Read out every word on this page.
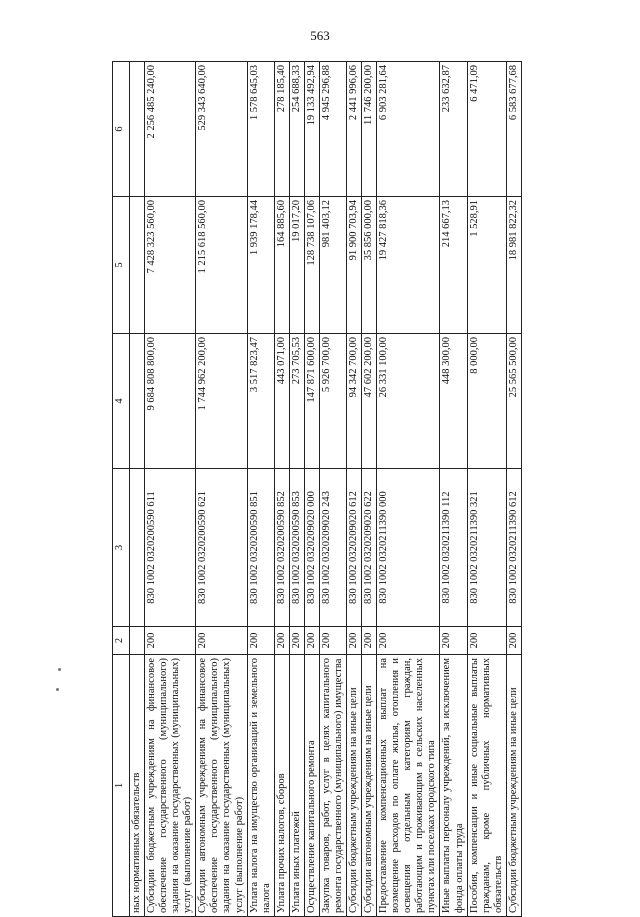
563
1	2	3	4	5	6
ных нормативных обязательств					
Субсидии бюджетным учреждениям на финансовое обеспечение государственного (муниципального) задания на оказание государственных (муниципальных) услуг (выполнение работ)	200	830 1002 0320200590 611	9 684 808 800,00	7 428 323 560,00	2 256 485 240,00
Субсидии автономным учреждениям на финансовое обеспечение государственного (муниципального) задания на оказание государственных (муниципальных) услуг (выполнение работ)	200	830 1002 0320200590 621	1 744 962 200,00	1 215 618 560,00	529 343 640,00
Уплата налога на имущество организаций и земельного налога	200	830 1002 0320200590 851	3 517 823,47	1 939 178,44	1 578 645,03
Уплата прочих налогов, сборов	200	830 1002 0320200590 852	443 071,00	164 885,60	278 185,40
Уплата иных платежей	200	830 1002 0320200590 853	273 705,53	19 017,20	254 688,33
Осуществление капитального ремонта	200	830 1002 0320209020 000	147 871 600,00	128 738 107,06	19 133 492,94
Закупка товаров, работ, услуг в целях капитального ремонта государственного (муниципального) имущества	200	830 1002 0320209020 243	5 926 700,00	981 403,12	4 945 296,88
Субсидии бюджетным учреждениям на иные цели	200	830 1002 0320209020 612	94 342 700,00	91 900 703,94	2 441 996,06
Субсидии автономным учреждениям на иные цели	200	830 1002 0320209020 622	47 602 200,00	35 856 000,00	11 746 200,00
Предоставление компенсационных выплат на возмещение расходов по оплате жилья, отопления и освещения отдельным категориям граждан, работающим и проживающим в сельских населенных пунктах или поселках городского типа	200	830 1002 0320211390 000	26 331 100,00	19 427 818,36	6 903 281,64
Иные выплаты персоналу учреждений, за исключением фонда оплаты труда	200	830 1002 0320211390 112	448 300,00	214 667,13	233 632,87
Пособия, компенсации и иные социальные выплаты гражданам, кроме публичных нормативных обязательств	200	830 1002 0320211390 321	8 000,00	1 528,91	6 471,09
Субсидии бюджетным учреждениям на иные цели	200	830 1002 0320211390 612	25 565 500,00	18 981 822,32	6 583 677,68
